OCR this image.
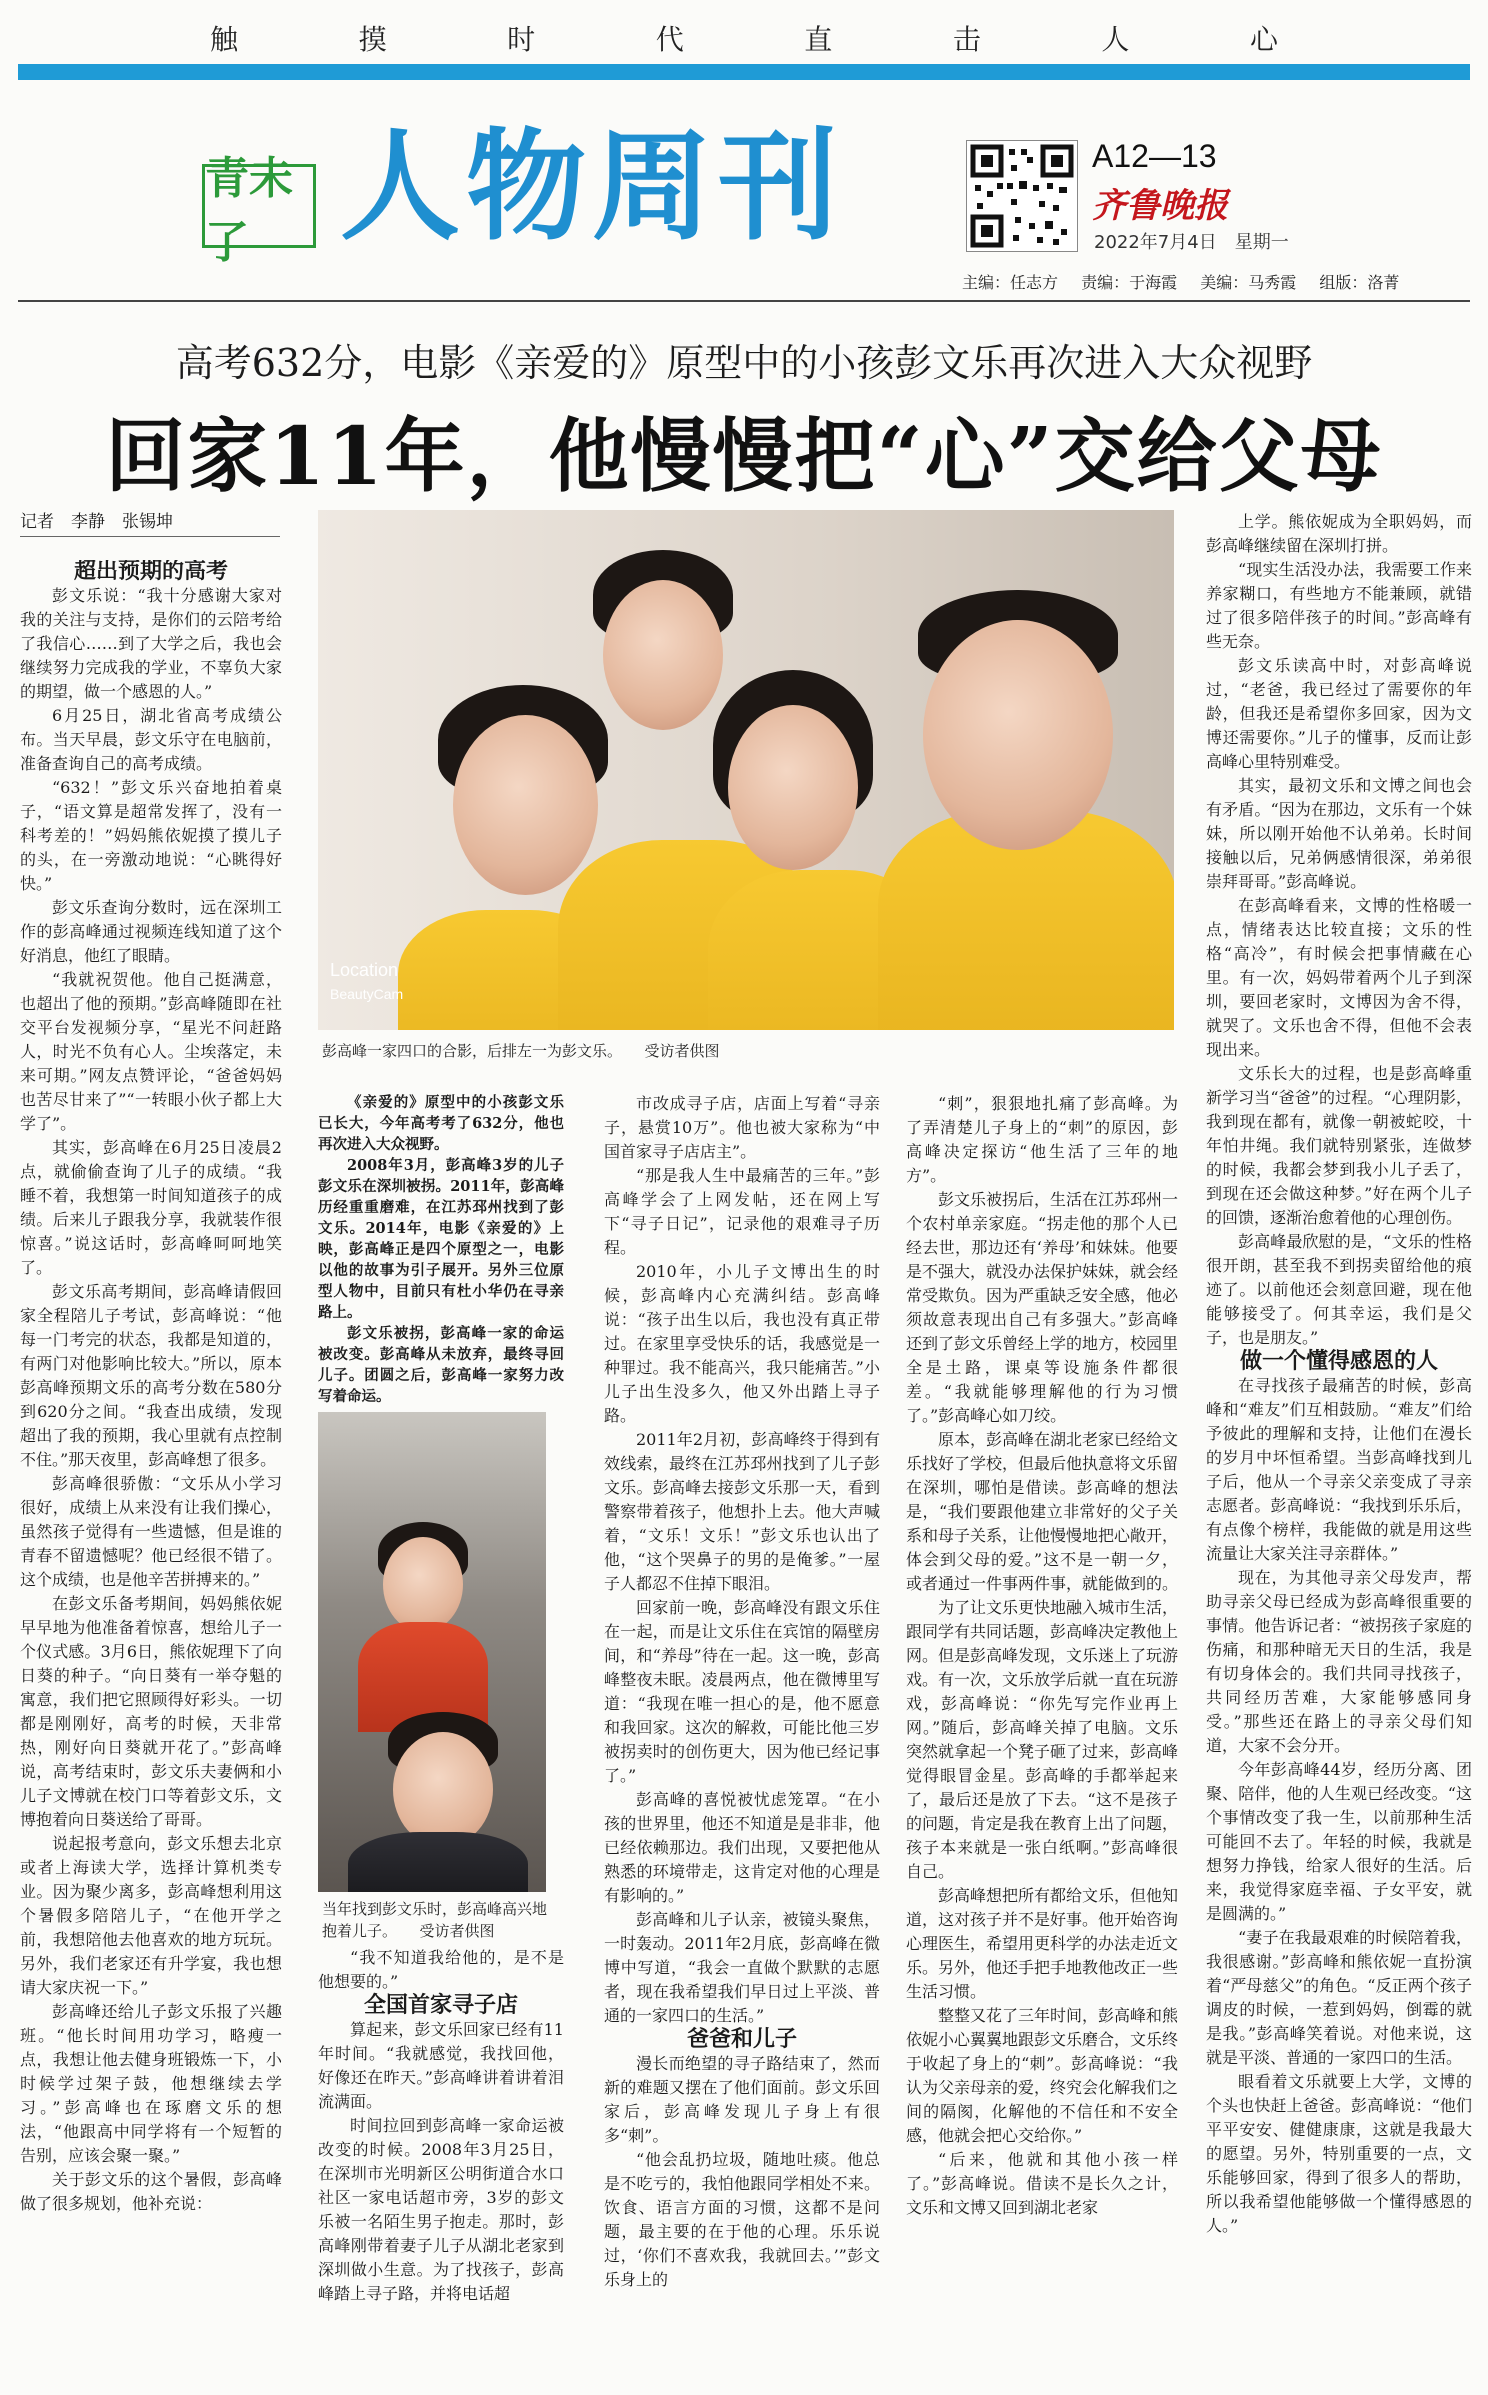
触	摸	时	代	直	击	人	心
青未了 人物周刊	A12—13
齐鲁晚报
2022年7月4日　星期一
主编：任志方 责编：于海霞 美编：马秀霞 组版：洛菁
高考632分，电影《亲爱的》原型中的小孩彭文乐再次进入大众视野
回家11年，他慢慢把“心”交给父母
记者　李静　张锡坤
Location
BeautyCam
彭高峰一家四口的合影，后排左一为彭文乐。　　受访者供图
当年找到彭文乐时，彭高峰高兴地抱着儿子。　　受访者供图

超出预期的高考

彭文乐说：“我十分感谢大家对我的关注与支持，是你们的云陪考给了我信心……到了大学之后，我也会继续努力完成我的学业，不辜负大家的期望，做一个感恩的人。”

6月25日，湖北省高考成绩公布。当天早晨，彭文乐守在电脑前，准备查询自己的高考成绩。

“632！”彭文乐兴奋地拍着桌子，“语文算是超常发挥了，没有一科考差的！”妈妈熊依妮摸了摸儿子的头，在一旁激动地说：“心眺得好快。”

彭文乐查询分数时，远在深圳工作的彭高峰通过视频连线知道了这个好消息，他红了眼睛。

“我就祝贺他。他自己挺满意，也超出了他的预期。”彭高峰随即在社交平台发视频分享，“星光不问赶路人，时光不负有心人。尘埃落定，未来可期。”网友点赞评论，“爸爸妈妈也苦尽甘来了”“一转眼小伙子都上大学了”。

其实，彭高峰在6月25日凌晨2点，就偷偷查询了儿子的成绩。“我睡不着，我想第一时间知道孩子的成绩。后来儿子跟我分享，我就装作很惊喜。”说这话时，彭高峰呵呵地笑了。

彭文乐高考期间，彭高峰请假回家全程陪儿子考试，彭高峰说：“他每一门考完的状态，我都是知道的，有两门对他影响比较大。”所以，原本彭高峰预期文乐的高考分数在580分到620分之间。“我查出成绩，发现超出了我的预期，我心里就有点控制不住。”那天夜里，彭高峰想了很多。

彭高峰很骄傲：“文乐从小学习很好，成绩上从来没有让我们操心，虽然孩子觉得有一些遗憾，但是谁的青春不留遗憾呢？他已经很不错了。这个成绩，也是他辛苦拼搏来的。”

在彭文乐备考期间，妈妈熊依妮早早地为他准备着惊喜，想给儿子一个仪式感。3月6日，熊依妮理下了向日葵的种子。“向日葵有一举夺魁的寓意，我们把它照顾得好彩头。一切都是刚刚好，高考的时候，天非常热，刚好向日葵就开花了。”彭高峰说，高考结束时，彭文乐夫妻俩和小儿子文博就在校门口等着彭文乐，文博抱着向日葵送给了哥哥。

说起报考意向，彭文乐想去北京或者上海读大学，选择计算机类专业。因为聚少离多，彭高峰想利用这个暑假多陪陪儿子，“在他开学之前，我想陪他去他喜欢的地方玩玩。另外，我们老家还有升学宴，我也想请大家庆祝一下。”

彭高峰还给儿子彭文乐报了兴趣班。“他长时间用功学习，略瘦一点，我想让他去健身班锻炼一下，小时候学过架子鼓，他想继续去学习。”彭高峰也在琢磨文乐的想法，“他跟高中同学将有一个短暂的告别，应该会聚一聚。”

关于彭文乐的这个暑假，彭高峰做了很多规划，他补充说：

《亲爱的》原型中的小孩彭文乐已长大，今年高考考了632分，他也再次进入大众视野。

2008年3月，彭高峰3岁的儿子彭文乐在深圳被拐。2011年，彭高峰历经重重磨难，在江苏邳州找到了彭文乐。2014年，电影《亲爱的》上映，彭高峰正是四个原型之一，电影以他的故事为引子展开。另外三位原型人物中，目前只有杜小华仍在寻亲路上。

彭文乐被拐，彭高峰一家的命运被改变。彭高峰从未放弃，最终寻回儿子。团圆之后，彭高峰一家努力改写着命运。

“我不知道我给他的，是不是他想要的。”

全国首家寻子店

算起来，彭文乐回家已经有11年时间。“我就感觉，我找回他，好像还在昨天。”彭高峰讲着讲着泪流满面。

时间拉回到彭高峰一家命运被改变的时候。2008年3月25日，在深圳市光明新区公明街道合水口社区一家电话超市旁，3岁的彭文乐被一名陌生男子抱走。那时，彭高峰刚带着妻子儿子从湖北老家到深圳做小生意。为了找孩子，彭高峰踏上寻子路，并将电话超

市改成寻子店，店面上写着“寻亲子，悬赏10万”。他也被大家称为“中国首家寻子店店主”。

“那是我人生中最痛苦的三年。”彭高峰学会了上网发帖，还在网上写下“寻子日记”，记录他的艰难寻子历程。

2010年，小儿子文博出生的时候，彭高峰内心充满纠结。彭高峰说：“孩子出生以后，我也没有真正带过。在家里享受快乐的话，我感觉是一种罪过。我不能高兴，我只能痛苦。”小儿子出生没多久，他又外出踏上寻子路。

2011年2月初，彭高峰终于得到有效线索，最终在江苏邳州找到了儿子彭文乐。彭高峰去接彭文乐那一天，看到警察带着孩子，他想扑上去。他大声喊着，“文乐！文乐！”彭文乐也认出了他，“这个哭鼻子的男的是俺爹。”一屋子人都忍不住掉下眼泪。

回家前一晚，彭高峰没有跟文乐住在一起，而是让文乐住在宾馆的隔壁房间，和“养母”待在一起。这一晚，彭高峰整夜未眠。凌晨两点，他在微博里写道：“我现在唯一担心的是，他不愿意和我回家。这次的解救，可能比他三岁被拐卖时的创伤更大，因为他已经记事了。”

彭高峰的喜悦被忧虑笼罩。“在小孩的世界里，他还不知道是是非非，他已经依赖那边。我们出现，又要把他从熟悉的环境带走，这肯定对他的心理是有影响的。”

彭高峰和儿子认亲，被镜头聚焦，一时轰动。2011年2月底，彭高峰在微博中写道，“我会一直做个默默的志愿者，现在我希望我们早日过上平淡、普通的一家四口的生活。”

爸爸和儿子

漫长而绝望的寻子路结束了，然而新的难题又摆在了他们面前。彭文乐回家后，彭高峰发现儿子身上有很多“刺”。

“他会乱扔垃圾，随地吐痰。他总是不吃亏的，我怕他跟同学相处不来。饮食、语言方面的习惯，这都不是问题，最主要的在于他的心理。乐乐说过，‘你们不喜欢我，我就回去。’”彭文乐身上的

“刺”，狠狠地扎痛了彭高峰。为了弄清楚儿子身上的“刺”的原因，彭高峰决定探访“他生活了三年的地方”。

彭文乐被拐后，生活在江苏邳州一个农村单亲家庭。“拐走他的那个人已经去世，那边还有‘养母’和妹妹。他要是不强大，就没办法保护妹妹，就会经常受欺负。因为严重缺乏安全感，他必须故意表现出自己有多强大。”彭高峰还到了彭文乐曾经上学的地方，校园里全是土路，课桌等设施条件都很差。“我就能够理解他的行为习惯了。”彭高峰心如刀绞。

原本，彭高峰在湖北老家已经给文乐找好了学校，但最后他执意将文乐留在深圳，哪怕是借读。彭高峰的想法是，“我们要跟他建立非常好的父子关系和母子关系，让他慢慢地把心敞开，体会到父母的爱。”这不是一朝一夕，或者通过一件事两件事，就能做到的。

为了让文乐更快地融入城市生活，跟同学有共同话题，彭高峰决定教他上网。但是彭高峰发现，文乐迷上了玩游戏。有一次，文乐放学后就一直在玩游戏，彭高峰说：“你先写完作业再上网。”随后，彭高峰关掉了电脑。文乐突然就拿起一个凳子砸了过来，彭高峰觉得眼冒金星。彭高峰的手都举起来了，最后还是放了下去。“这不是孩子的问题，肯定是我在教育上出了问题，孩子本来就是一张白纸啊。”彭高峰很自己。

彭高峰想把所有都给文乐，但他知道，这对孩子并不是好事。他开始咨询心理医生，希望用更科学的办法走近文乐。另外，他还手把手地教他改正一些生活习惯。

整整又花了三年时间，彭高峰和熊依妮小心翼翼地跟彭文乐磨合，文乐终于收起了身上的“刺”。彭高峰说：“我认为父亲母亲的爱，终究会化解我们之间的隔阂，化解他的不信任和不安全感，他就会把心交给你。”

“后来，他就和其他小孩一样了。”彭高峰说。借读不是长久之计，文乐和文博又回到湖北老家

上学。熊依妮成为全职妈妈，而彭高峰继续留在深圳打拼。

“现实生活没办法，我需要工作来养家糊口，有些地方不能兼顾，就错过了很多陪伴孩子的时间。”彭高峰有些无奈。

彭文乐读高中时，对彭高峰说过，“老爸，我已经过了需要你的年龄，但我还是希望你多回家，因为文博还需要你。”儿子的懂事，反而让彭高峰心里特别难受。

其实，最初文乐和文博之间也会有矛盾。“因为在那边，文乐有一个妹妹，所以刚开始他不认弟弟。长时间接触以后，兄弟俩感情很深，弟弟很崇拜哥哥。”彭高峰说。

在彭高峰看来，文博的性格暖一点，情绪表达比较直接；文乐的性格“高冷”，有时候会把事情藏在心里。有一次，妈妈带着两个儿子到深圳，要回老家时，文博因为舍不得，就哭了。文乐也舍不得，但他不会表现出来。

文乐长大的过程，也是彭高峰重新学习当“爸爸”的过程。“心理阴影，我到现在都有，就像一朝被蛇咬，十年怕井绳。我们就特别紧张，连做梦的时候，我都会梦到我小儿子丢了，到现在还会做这种梦。”好在两个儿子的回馈，逐渐治愈着他的心理创伤。

彭高峰最欣慰的是，“文乐的性格很开朗，甚至我不到拐卖留给他的痕迹了。以前他还会刻意回避，现在他能够接受了。何其幸运，我们是父子，也是朋友。”

做一个懂得感恩的人

在寻找孩子最痛苦的时候，彭高峰和“难友”们互相鼓励。“难友”们给予彼此的理解和支持，让他们在漫长的岁月中坏恒希望。当彭高峰找到儿子后，他从一个寻亲父亲变成了寻亲志愿者。彭高峰说：“我找到乐乐后，有点像个榜样，我能做的就是用这些流量让大家关注寻亲群体。”

现在，为其他寻亲父母发声，帮助寻亲父母已经成为彭高峰很重要的事情。他告诉记者：“被拐孩子家庭的伤痛，和那种暗无天日的生活，我是有切身体会的。我们共同寻找孩子，共同经历苦难，大家能够感同身受。”那些还在路上的寻亲父母们知道，大家不会分开。

今年彭高峰44岁，经历分离、团聚、陪伴，他的人生观已经改变。“这个事情改变了我一生，以前那种生活可能回不去了。年轻的时候，我就是想努力挣钱，给家人很好的生活。后来，我觉得家庭幸福、子女平安，就是圆满的。”

“妻子在我最艰难的时候陪着我，我很感谢。”彭高峰和熊依妮一直扮演着“严母慈父”的角色。“反正两个孩子调皮的时候，一惹到妈妈，倒霉的就是我。”彭高峰笑着说。对他来说，这就是平淡、普通的一家四口的生活。

眼看着文乐就要上大学，文博的个头也快赶上爸爸。彭高峰说：“他们平平安安、健健康康，这就是我最大的愿望。另外，特别重要的一点，文乐能够回家，得到了很多人的帮助，所以我希望他能够做一个懂得感恩的人。”
